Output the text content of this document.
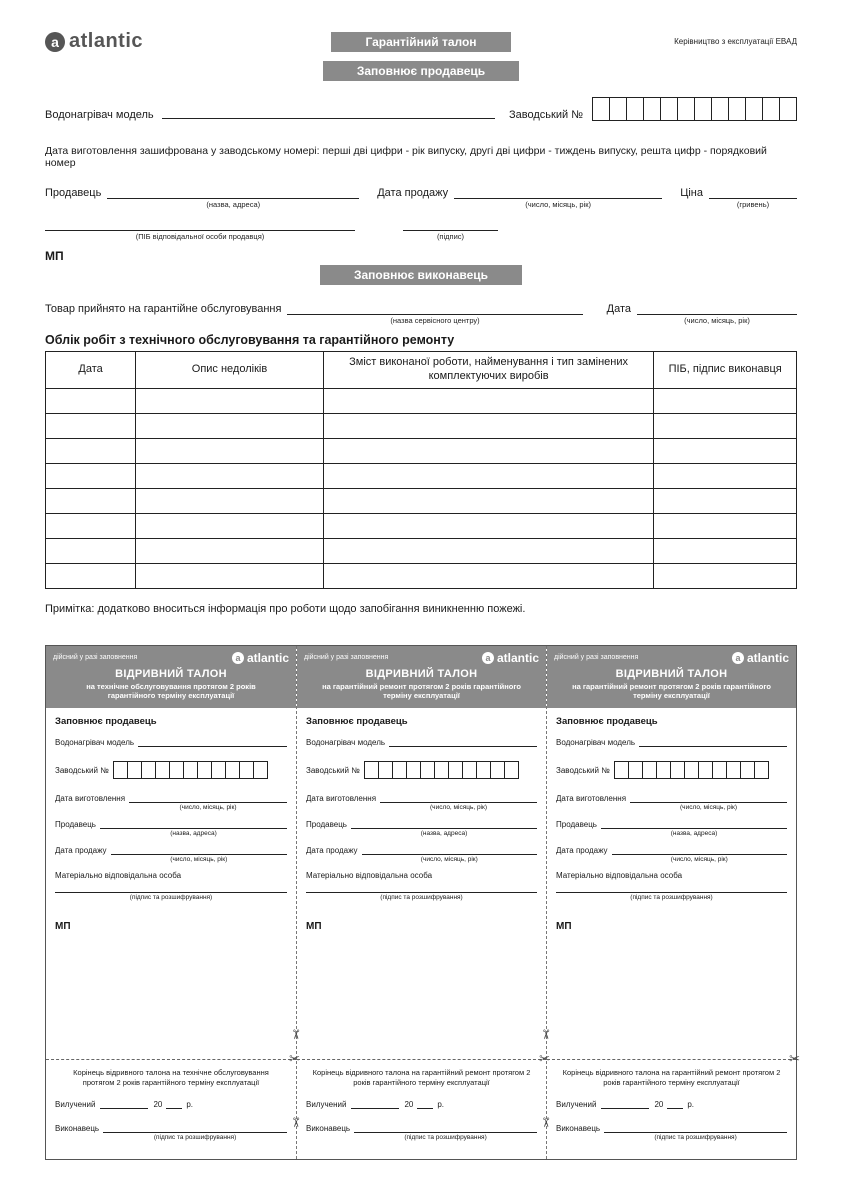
a atlantic	Гарантійний талон	Керівництво з експлуатації ЕВАД
Заповнює продавець
Водонагрівач модель	Заводський №

Дата виготовлення зашифрована у заводському номері: перші дві цифри - рік випуску, другі дві цифри - тиждень випуску, решта цифр - порядковий номер

Продавець
(назва, адреса)
Дата продажу
(число, місяць, рік)
Ціна
(гривень)
(ПІБ відповідальної особи продавця)	(підпис)
МП
Заповнює виконавець
Товар прийнято на гарантійне обслуговування
(назва сервісного центру)
Дата
(число, місяць, рік)
Облік робіт з технічного обслуговування та гарантійного ремонту
Дата	Опис недоліків	Зміст виконаної роботи, найменування і тип замінених комплектуючих виробів	ПІБ, підпис виконавця

Примітка: додатково вноситься інформація про роботи щодо запобігання виникненню пожежі.

дійсний у разі заповнення	a atlantic
ВІДРИВНИЙ ТАЛОН
на технічне обслуговування протягом 2 років гарантійного терміну експлуатації
Заповнює продавець
Водонагрівач модель
Заводський №
Дата виготовлення
(число, місяць, рік)
Продавець
(назва, адреса)
Дата продажу
(число, місяць, рік)
Матеріально відповідальна особа
(підпис та розшифрування)
МП
✂

Корінець відривного талона на технічне обслуговування протягом 2 років гарантійного терміну експлуатації

Вилучений	20	р.
Виконавець
(підпис та розшифрування)
дійсний у разі заповнення	a atlantic
ВІДРИВНИЙ ТАЛОН
на гарантійний ремонт протягом 2 років гарантійного терміну експлуатації
Заповнює продавець
Водонагрівач модель
Заводський №
Дата виготовлення
(число, місяць, рік)
Продавець
(назва, адреса)
Дата продажу
(число, місяць, рік)
Матеріально відповідальна особа
(підпис та розшифрування)
МП
✂

Корінець відривного талона на гарантійний ремонт протягом 2 років гарантійного терміну експлуатації

Вилучений	20	р.
Виконавець
(підпис та розшифрування)
дійсний у разі заповнення	a atlantic
ВІДРИВНИЙ ТАЛОН
на гарантійний ремонт протягом 2 років гарантійного терміну експлуатації
Заповнює продавець
Водонагрівач модель
Заводський №
Дата виготовлення
(число, місяць, рік)
Продавець
(назва, адреса)
Дата продажу
(число, місяць, рік)
Матеріально відповідальна особа
(підпис та розшифрування)
МП
✂

Корінець відривного талона на гарантійний ремонт протягом 2 років гарантійного терміну експлуатації

Вилучений	20	р.
Виконавець
(підпис та розшифрування)
✂	✂
✂	✂
